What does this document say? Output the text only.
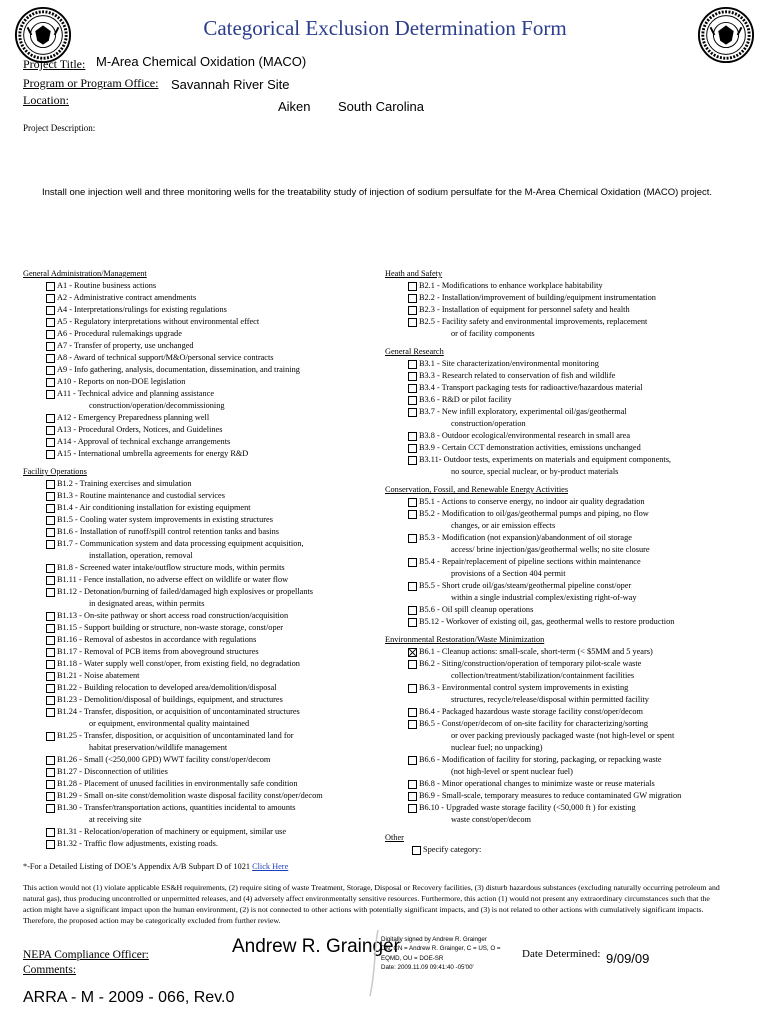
Categorical Exclusion Determination Form
Project Title: M-Area Chemical Oxidation (MACO)
Program or Program Office: Savannah River Site
Location:	Aiken South Carolina
Project Description:
Install one injection well and three monitoring wells for the treatability study of injection of sodium persulfate for the M-Area Chemical Oxidation (MACO) project.
General Administration/Management
A1 - Routine business actions
A2 - Administrative contract amendments
A4 - Interpretations/rulings for existing regulations
A5 - Regulatory interpretations without environmental effect
A6 - Procedural rulemakings upgrade
A7 - Transfer of property, use unchanged
A8 - Award of technical support/M&O/personal service contracts
A9 - Info gathering, analysis, documentation, dissemination, and training
A10 - Reports on non-DOE legislation
A11 - Technical advice and planning assistance
construction/operation/decommissioning
A12 - Emergency Preparedness planning well
A13 - Procedural Orders, Notices, and Guidelines
A14 - Approval of technical exchange arrangements
A15 - International umbrella agreements for energy R&D
Facility Operations
B1.2 - Training exercises and simulation
B1.3 - Routine maintenance and custodial services
B1.4 - Air conditioning installation for existing equipment
B1.5 - Cooling water system improvements in existing structures
B1.6 - Installation of runoff/spill control retention tanks and basins
B1.7 - Communication system and data processing equipment acquisition,
installation, operation, removal
B1.8 - Screened water intake/outflow structure mods, within permits
B1.11 - Fence installation, no adverse effect on wildlife or water flow
B1.12 - Detonation/burning of failed/damaged high explosives or propellants
in designated areas, within permits
B1.13 - On-site pathway or short access road construction/acquisition
B1.15 - Support building or structure, non-waste storage, const/oper
B1.16 - Removal of asbestos in accordance with regulations
B1.17 - Removal of PCB items from aboveground structures
B1.18 - Water supply well const/oper, from existing field, no degradation
B1.21 - Noise abatement
B1.22 - Building relocation to developed area/demolition/disposal
B1.23 - Demolition/disposal of buildings, equipment, and structures
B1.24 - Transfer, disposition, or acquisition of uncontaminated structures
or equipment, environmental quality maintained
B1.25 - Transfer, disposition, or acquisition of uncontaminated land for
habitat preservation/wildlife management
B1.26 - Small (<250,000 GPD) WWT facility const/oper/decom
B1.27 - Disconnection of utilities
B1.28 - Placement of unused facilities in environmentally safe condition
B1.29 - Small on-site const/demolition waste disposal facility const/oper/decom
B1.30 - Transfer/transportation actions, quantities incidental to amounts
at receiving site
B1.31 - Relocation/operation of machinery or equipment, similar use
B1.32 - Traffic flow adjustments, existing roads.
Heath and Safety
B2.1 - Modifications to enhance workplace habitability
B2.2 - Installation/improvement of building/equipment instrumentation
B2.3 - Installation of equipment for personnel safety and health
B2.5 - Facility safety and environmental improvements, replacement
or of facility components
General Research
B3.1 - Site characterization/environmental monitoring
B3.3 - Research related to conservation of fish and wildlife
B3.4 - Transport packaging tests for radioactive/hazardous material
B3.6 - R&D or pilot facility
B3.7 - New infill exploratory, experimental oil/gas/geothermal
construction/operation
B3.8 - Outdoor ecological/environmental research in small area
B3.9 - Certain CCT demonstration activities, emissions unchanged
B3.11- Outdoor tests, experiments on materials and equipment components,
no source, special nuclear, or by-product materials
Conservation, Fossil, and Renewable Energy Activities
B5.1 - Actions to conserve energy, no indoor air quality degradation
B5.2 - Modification to oil/gas/geothermal pumps and piping, no flow
changes, or air emission effects
B5.3 - Modification (not expansion)/abandonment of oil storage
access/ brine injection/gas/geothermal wells; no site closure
B5.4 - Repair/replacement of pipeline sections within maintenance
provisions of a Section 404 permit
B5.5 - Short crude oil/gas/steam/geothermal pipeline const/oper
within a single industrial complex/existing right-of-way
B5.6 - Oil spill cleanup operations
B5.12 - Workover of existing oil, gas, geothermal wells to restore production
Environmental Restoration/Waste Minimization
B6.1 - Cleanup actions: small-scale, short-term (< $5MM and 5 years)
B6.2 - Siting/construction/operation of temporary pilot-scale waste
collection/treatment/stabilization/containment facilities
B6.3 - Environmental control system improvements in existing
structures, recycle/release/disposal within permitted facility
B6.4 - Packaged hazardous waste storage facility const/oper/decom
B6.5 - Const/oper/decom of on-site facility for characterizing/sorting
or over packing previously packaged waste (not high-level or spent
nuclear fuel; no unpacking)
B6.6 - Modification of facility for storing, packaging, or repacking waste
(not high-level or spent nuclear fuel)
B6.8 - Minor operational changes to minimize waste or reuse materials
B6.9 - Small-scale, temporary measures to reduce contaminated GW migration
B6.10 - Upgraded waste storage facility (<50,000 ft ) for existing
waste const/oper/decom
Other
Specify category:
*-For a Detailed Listing of DOE’s Appendix A/B Subpart D of 1021 Click Here
This action would not (1) violate applicable ES&H requirements, (2) require siting of waste Treatment, Storage, Disposal or Recovery facilities, (3) disturb hazardous substances (excluding naturally occurring petroleum and natural gas), thus producing uncontrolled or unpermitted releases, and (4) adversely affect environmentally sensitive resources. Furthermore, this action (1) would not present any extraordinary circumstances such that the action might have a significant impact upon the human environment, (2) is not connected to other actions with potentially significant impacts, and (3) is not related to other actions with cumulatively significant impacts. Therefore, the proposed action may be categorically excluded from further review.
NEPA Compliance Officer:
Comments:
Andrew R. Grainger
Digitally signed by Andrew R. Grainger
DN: CN = Andrew R. Grainger, C = US, O =
EQMD, OU = DOE-SR
Date: 2009.11.09 09:41:40 -05'00'
Date Determined: 9/09/09
ARRA - M - 2009 - 066, Rev.0
